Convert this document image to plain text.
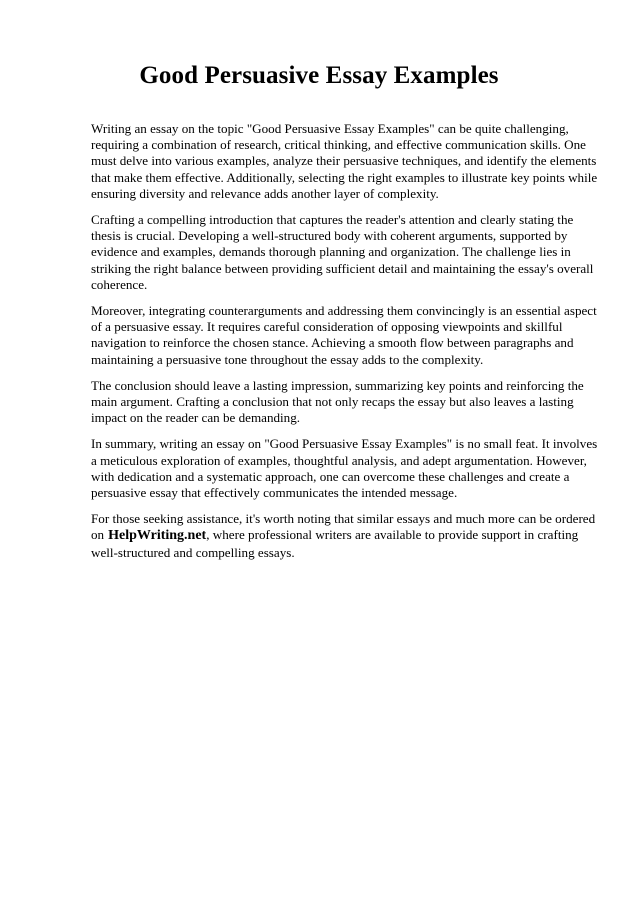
Good Persuasive Essay Examples

Writing an essay on the topic "Good Persuasive Essay Examples" can be quite challenging, requiring a combination of research, critical thinking, and effective communication skills. One must delve into various examples, analyze their persuasive techniques, and identify the elements that make them effective. Additionally, selecting the right examples to illustrate key points while ensuring diversity and relevance adds another layer of complexity.

Crafting a compelling introduction that captures the reader's attention and clearly stating the thesis is crucial. Developing a well-structured body with coherent arguments, supported by evidence and examples, demands thorough planning and organization. The challenge lies in striking the right balance between providing sufficient detail and maintaining the essay's overall coherence.

Moreover, integrating counterarguments and addressing them convincingly is an essential aspect of a persuasive essay. It requires careful consideration of opposing viewpoints and skillful navigation to reinforce the chosen stance. Achieving a smooth flow between paragraphs and maintaining a persuasive tone throughout the essay adds to the complexity.

The conclusion should leave a lasting impression, summarizing key points and reinforcing the main argument. Crafting a conclusion that not only recaps the essay but also leaves a lasting impact on the reader can be demanding.

In summary, writing an essay on "Good Persuasive Essay Examples" is no small feat. It involves a meticulous exploration of examples, thoughtful analysis, and adept argumentation. However, with dedication and a systematic approach, one can overcome these challenges and create a persuasive essay that effectively communicates the intended message.

For those seeking assistance, it's worth noting that similar essays and much more can be ordered on HelpWriting.net, where professional writers are available to provide support in crafting well-structured and compelling essays.
